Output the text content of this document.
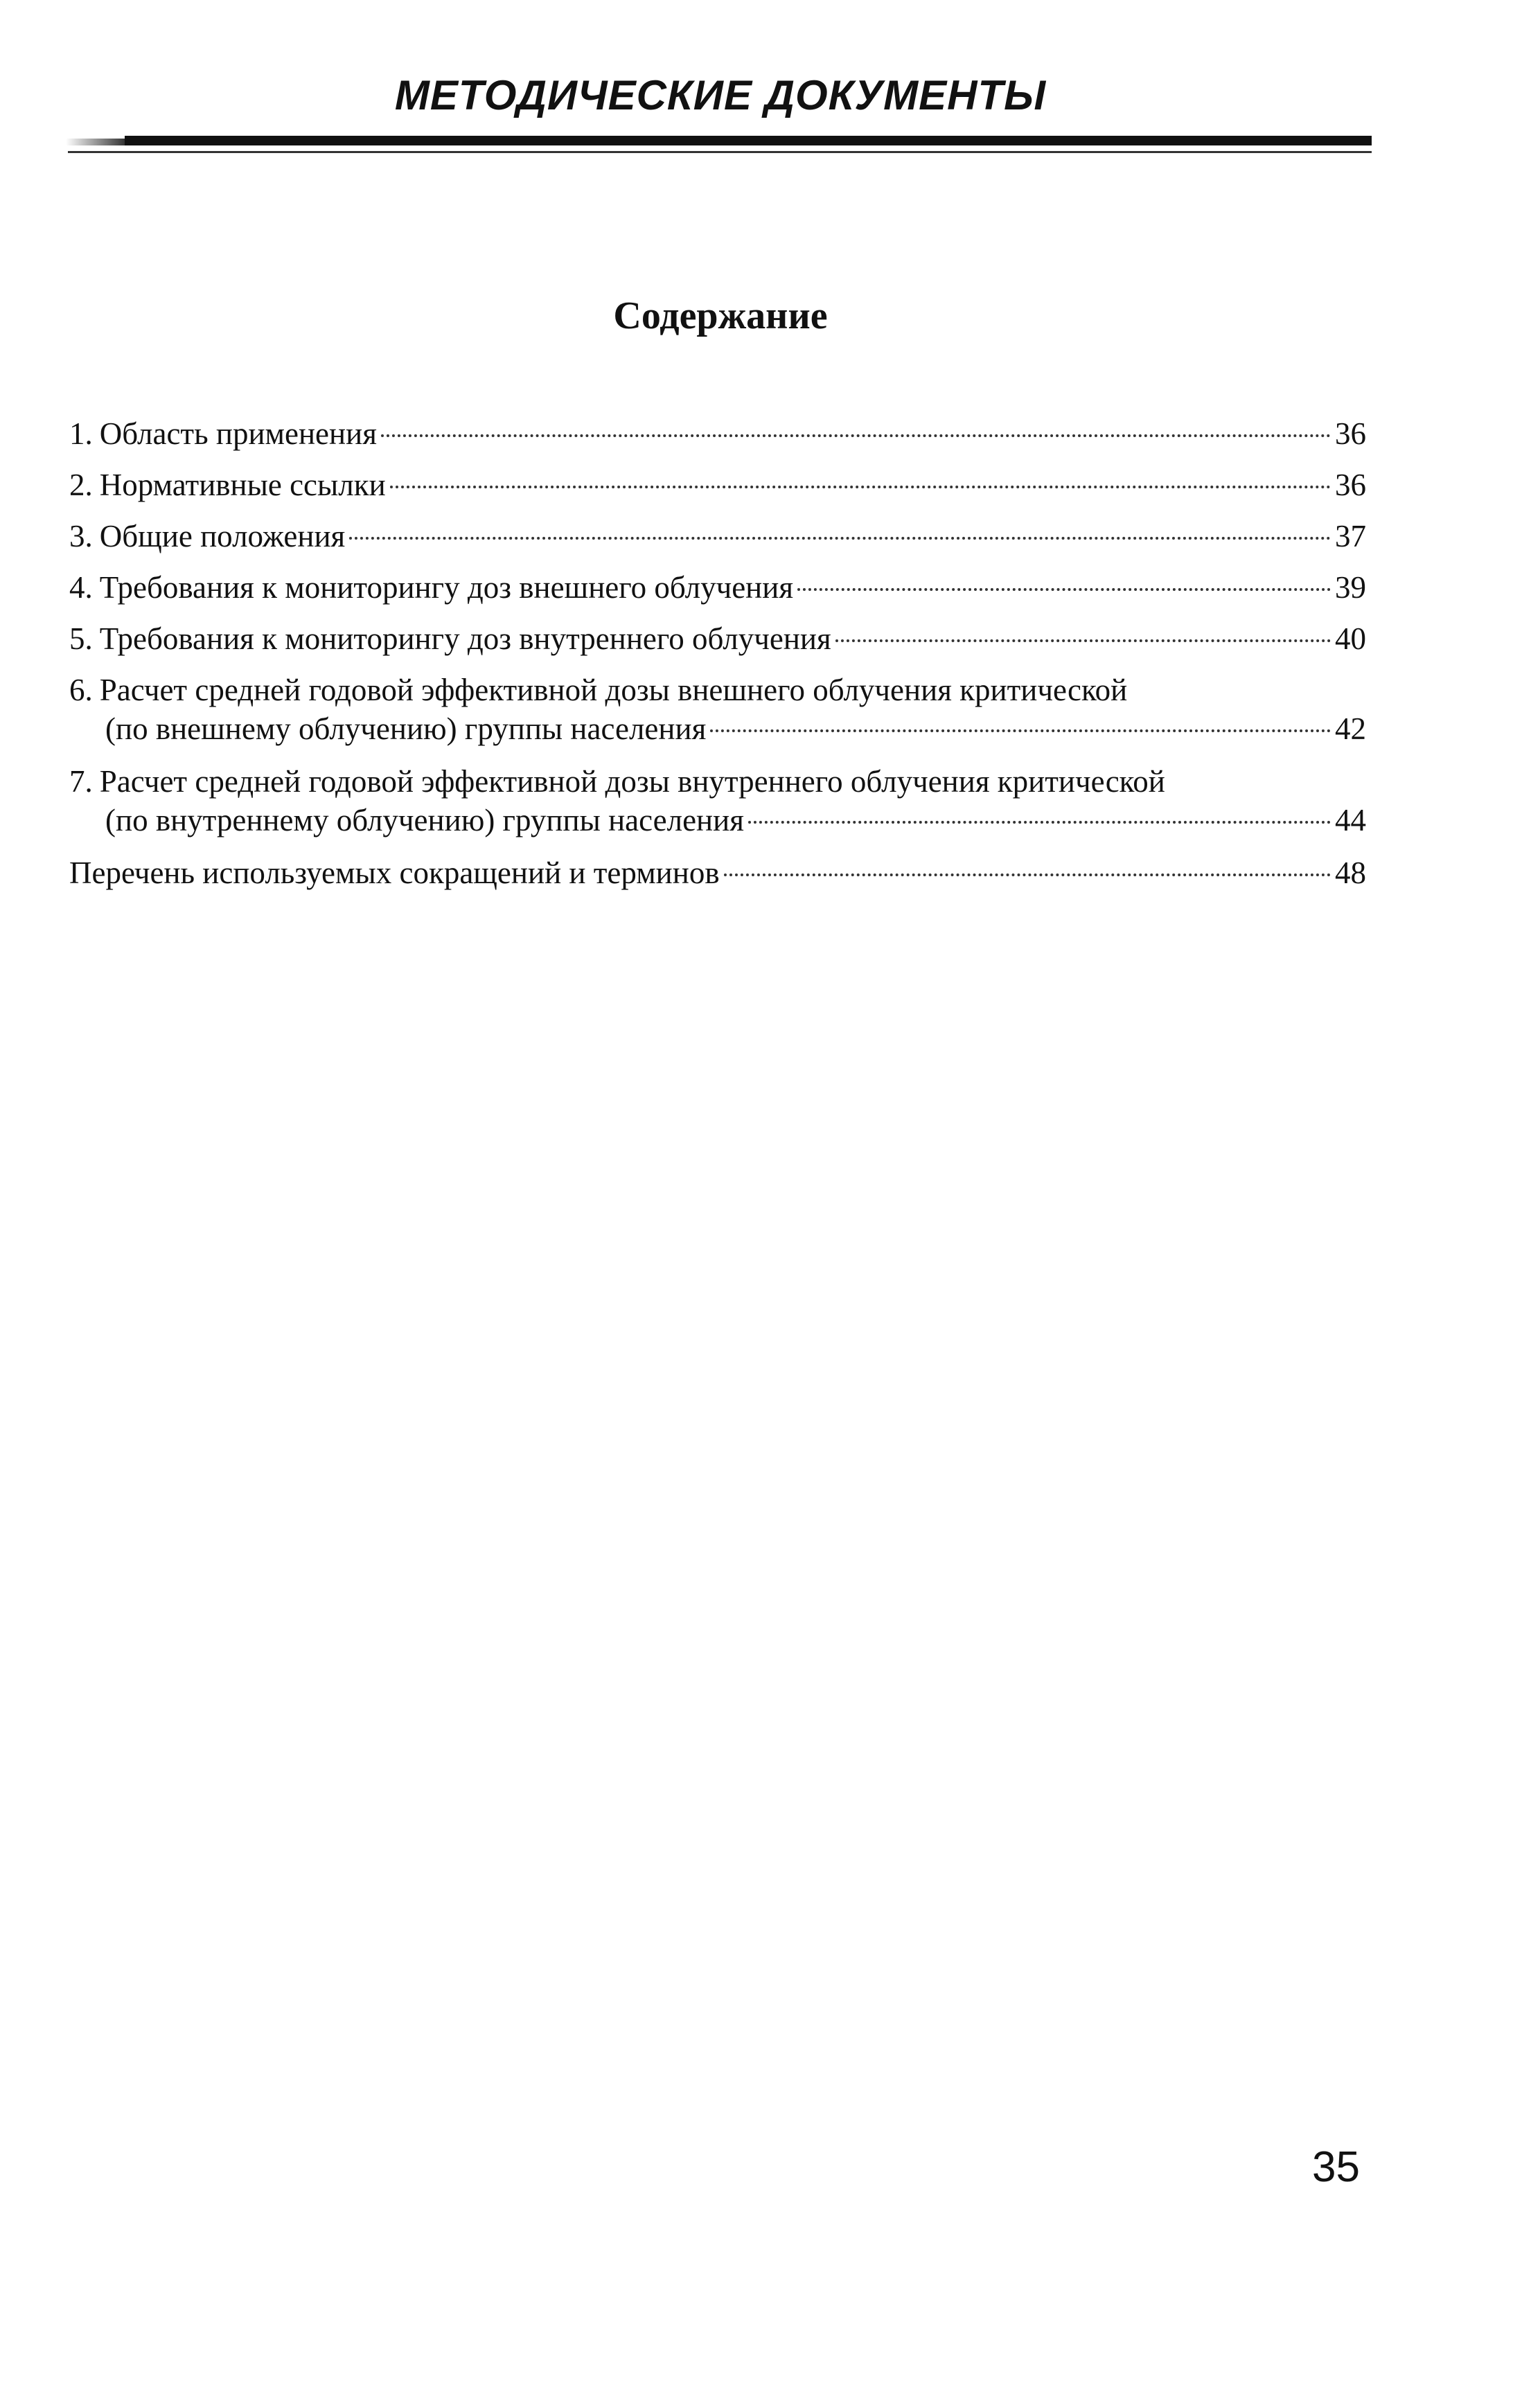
МЕТОДИЧЕСКИЕ ДОКУМЕНТЫ
Содержание
1. Область применения	36
2. Нормативные ссылки	36
3. Общие положения	37
4. Требования к мониторингу доз внешнего облучения	39
5. Требования к мониторингу доз внутреннего облучения	40
6. Расчет средней годовой эффективной дозы внешнего облучения критической
(по внешнему облучению) группы населения	42
7. Расчет средней годовой эффективной дозы внутреннего облучения критической
(по внутреннему облучению) группы населения	44
Перечень используемых сокращений и терминов	48
35
